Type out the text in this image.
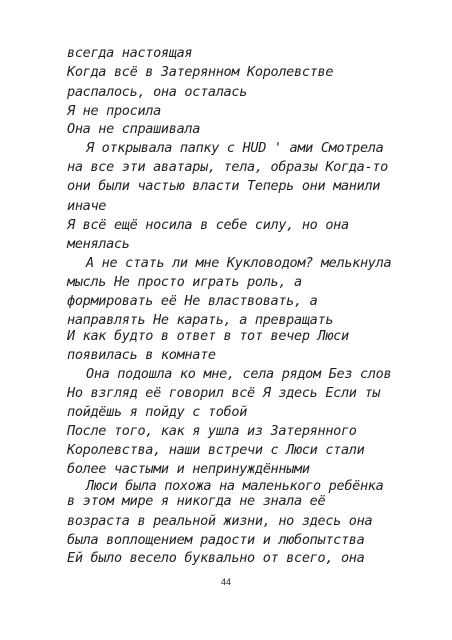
всегда настоящая
Когда всё в Затерянном Королевстве
распалось, она осталась
Я не просила
Она не спрашивала
Я открывала папку с HUD ' ами Смотрела
на все эти аватары, тела, образы Когда-то
они были частью власти Теперь они манили
иначе
Я всё ещё носила в себе силу, но она
менялась
А не стать ли мне Кукловодом? мелькнула
мысль Не просто играть роль, а
формировать её Не властвовать, а
направлять Не карать, а превращать
И как будто в ответ в тот вечер Люси
появилась в комнате
Она подошла ко мне, села рядом Без слов
Но взгляд её говорил всё Я здесь Если ты
пойдёшь я пойду с тобой
После того, как я ушла из Затерянного
Королевства, наши встречи с Люси стали
более частыми и непринуждёнными
Люси была похожа на маленького ребёнка
в этом мире я никогда не знала её
возраста в реальной жизни, но здесь она
была воплощением радости и любопытства
Ей было весело буквально от всего, она
44
